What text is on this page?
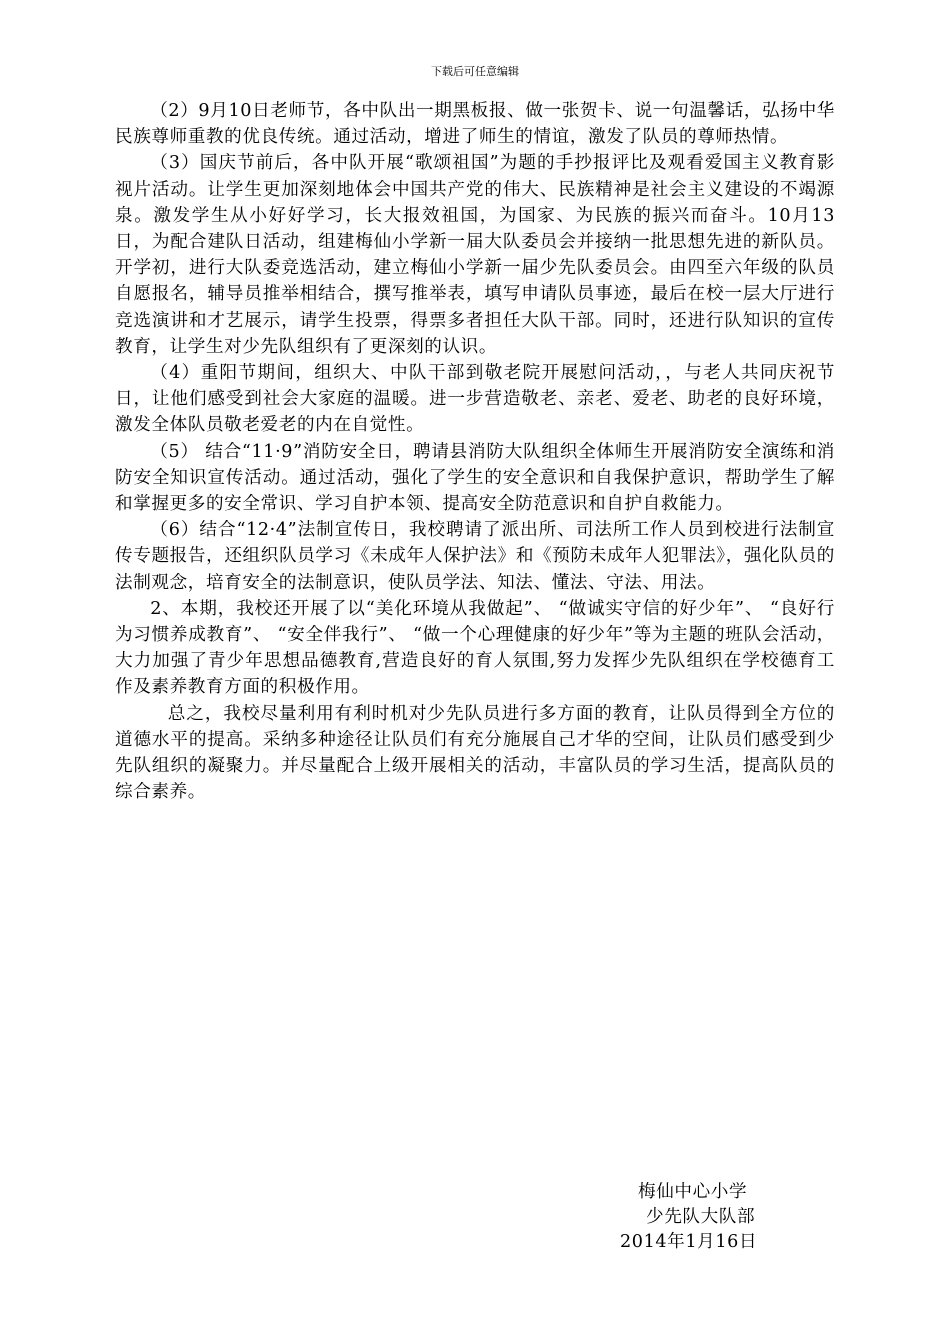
下载后可任意编辑

（2）9月10日老师节，各中队出一期黑板报、做一张贺卡、说一句温馨话，弘扬中华民族尊师重教的优良传统。通过活动，增进了师生的情谊，激发了队员的尊师热情。

（3）国庆节前后，各中队开展“歌颂祖国”为题的手抄报评比及观看爱国主义教育影视片活动。让学生更加深刻地体会中国共产党的伟大、民族精神是社会主义建设的不竭源泉。激发学生从小好好学习，长大报效祖国，为国家、为民族的振兴而奋斗。10月13日，为配合建队日活动，组建梅仙小学新一届大队委员会并接纳一批思想先进的新队员。开学初，进行大队委竞选活动，建立梅仙小学新一届少先队委员会。由四至六年级的队员自愿报名，辅导员推举相结合，撰写推举表，填写申请队员事迹，最后在校一层大厅进行竞选演讲和才艺展示，请学生投票，得票多者担任大队干部。同时，还进行队知识的宣传教育，让学生对少先队组织有了更深刻的认识。

（4）重阳节期间，组织大、中队干部到敬老院开展慰问活动，，与老人共同庆祝节日，让他们感受到社会大家庭的温暖。进一步营造敬老、亲老、爱老、助老的良好环境，激发全体队员敬老爱老的内在自觉性。

（5） 结合“11·9”消防安全日，聘请县消防大队组织全体师生开展消防安全演练和消防安全知识宣传活动。通过活动，强化了学生的安全意识和自我保护意识，帮助学生了解和掌握更多的安全常识、学习自护本领、提高安全防范意识和自护自救能力。

（6）结合“12·4”法制宣传日，我校聘请了派出所、司法所工作人员到校进行法制宣传专题报告，还组织队员学习《未成年人保护法》和《预防未成年人犯罪法》，强化队员的法制观念，培育安全的法制意识，使队员学法、知法、懂法、守法、用法。

2、本期，我校还开展了以“美化环境从我做起”、 “做诚实守信的好少年”、 “良好行为习惯养成教育”、 “安全伴我行”、 “做一个心理健康的好少年”等为主题的班队会活动，大力加强了青少年思想品德教育,营造良好的育人氛围,努力发挥少先队组织在学校德育工作及素养教育方面的积极作用。

总之，我校尽量利用有利时机对少先队员进行多方面的教育，让队员得到全方位的道德水平的提高。采纳多种途径让队员们有充分施展自己才华的空间，让队员们感受到少先队组织的凝聚力。并尽量配合上级开展相关的活动，丰富队员的学习生活，提高队员的综合素养。

梅仙中心小学
少先队大队部
2014年1月16日
